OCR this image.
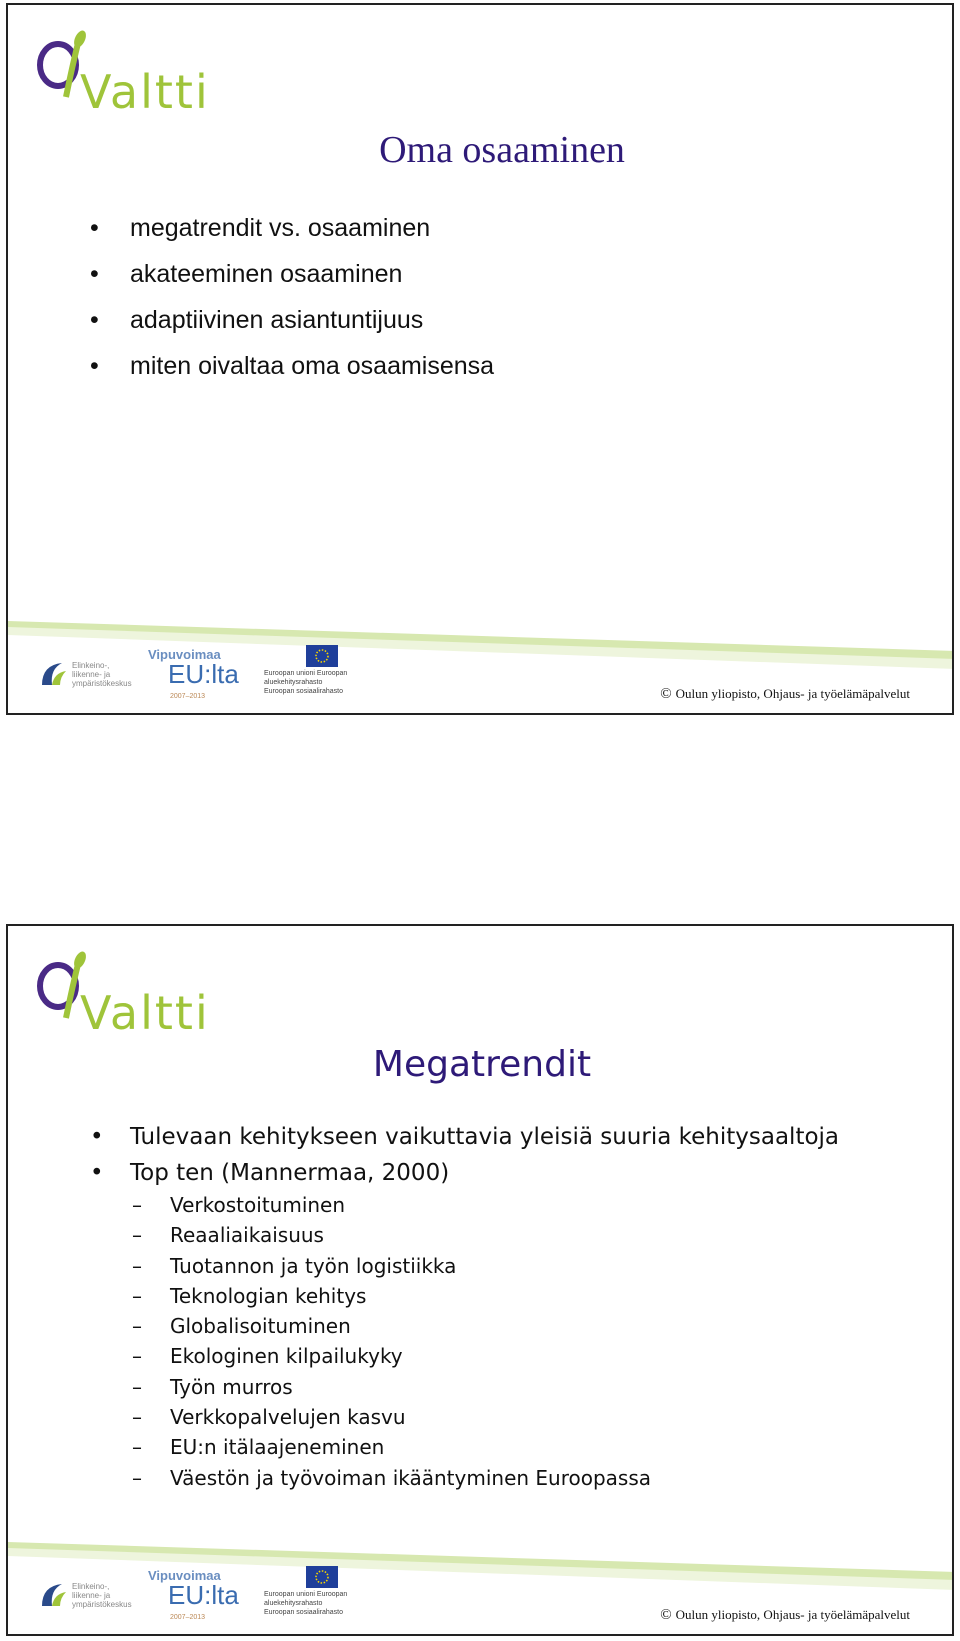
Valtti
Oma osaaminen
• megatrendit vs. osaaminen
• akateeminen osaaminen
• adaptiivinen asiantuntijuus
• miten oivaltaa oma osaamisensa
Elinkeino-, liikenne- ja ympäristökeskus
Vipuvoimaa
EU:lta
2007–2013
Euroopan unioni Euroopan aluekehitysrahasto Euroopan sosiaalirahasto	© Oulun yliopisto, Ohjaus- ja työelämäpalvelut
Valtti
Megatrendit
• Tulevaan kehitykseen vaikuttavia yleisiä suuria kehitysaaltoja
• Top ten (Mannermaa, 2000)
– Verkostoituminen
– Reaaliaikaisuus
– Tuotannon ja työn logistiikka
– Teknologian kehitys
– Globalisoituminen
– Ekologinen kilpailukyky
– Työn murros
– Verkkopalvelujen kasvu
– EU:n itälaajeneminen
– Väestön ja työvoiman ikääntyminen Euroopassa
Elinkeino-, liikenne- ja ympäristökeskus
Vipuvoimaa
EU:lta
2007–2013
Euroopan unioni Euroopan aluekehitysrahasto Euroopan sosiaalirahasto	© Oulun yliopisto, Ohjaus- ja työelämäpalvelut
